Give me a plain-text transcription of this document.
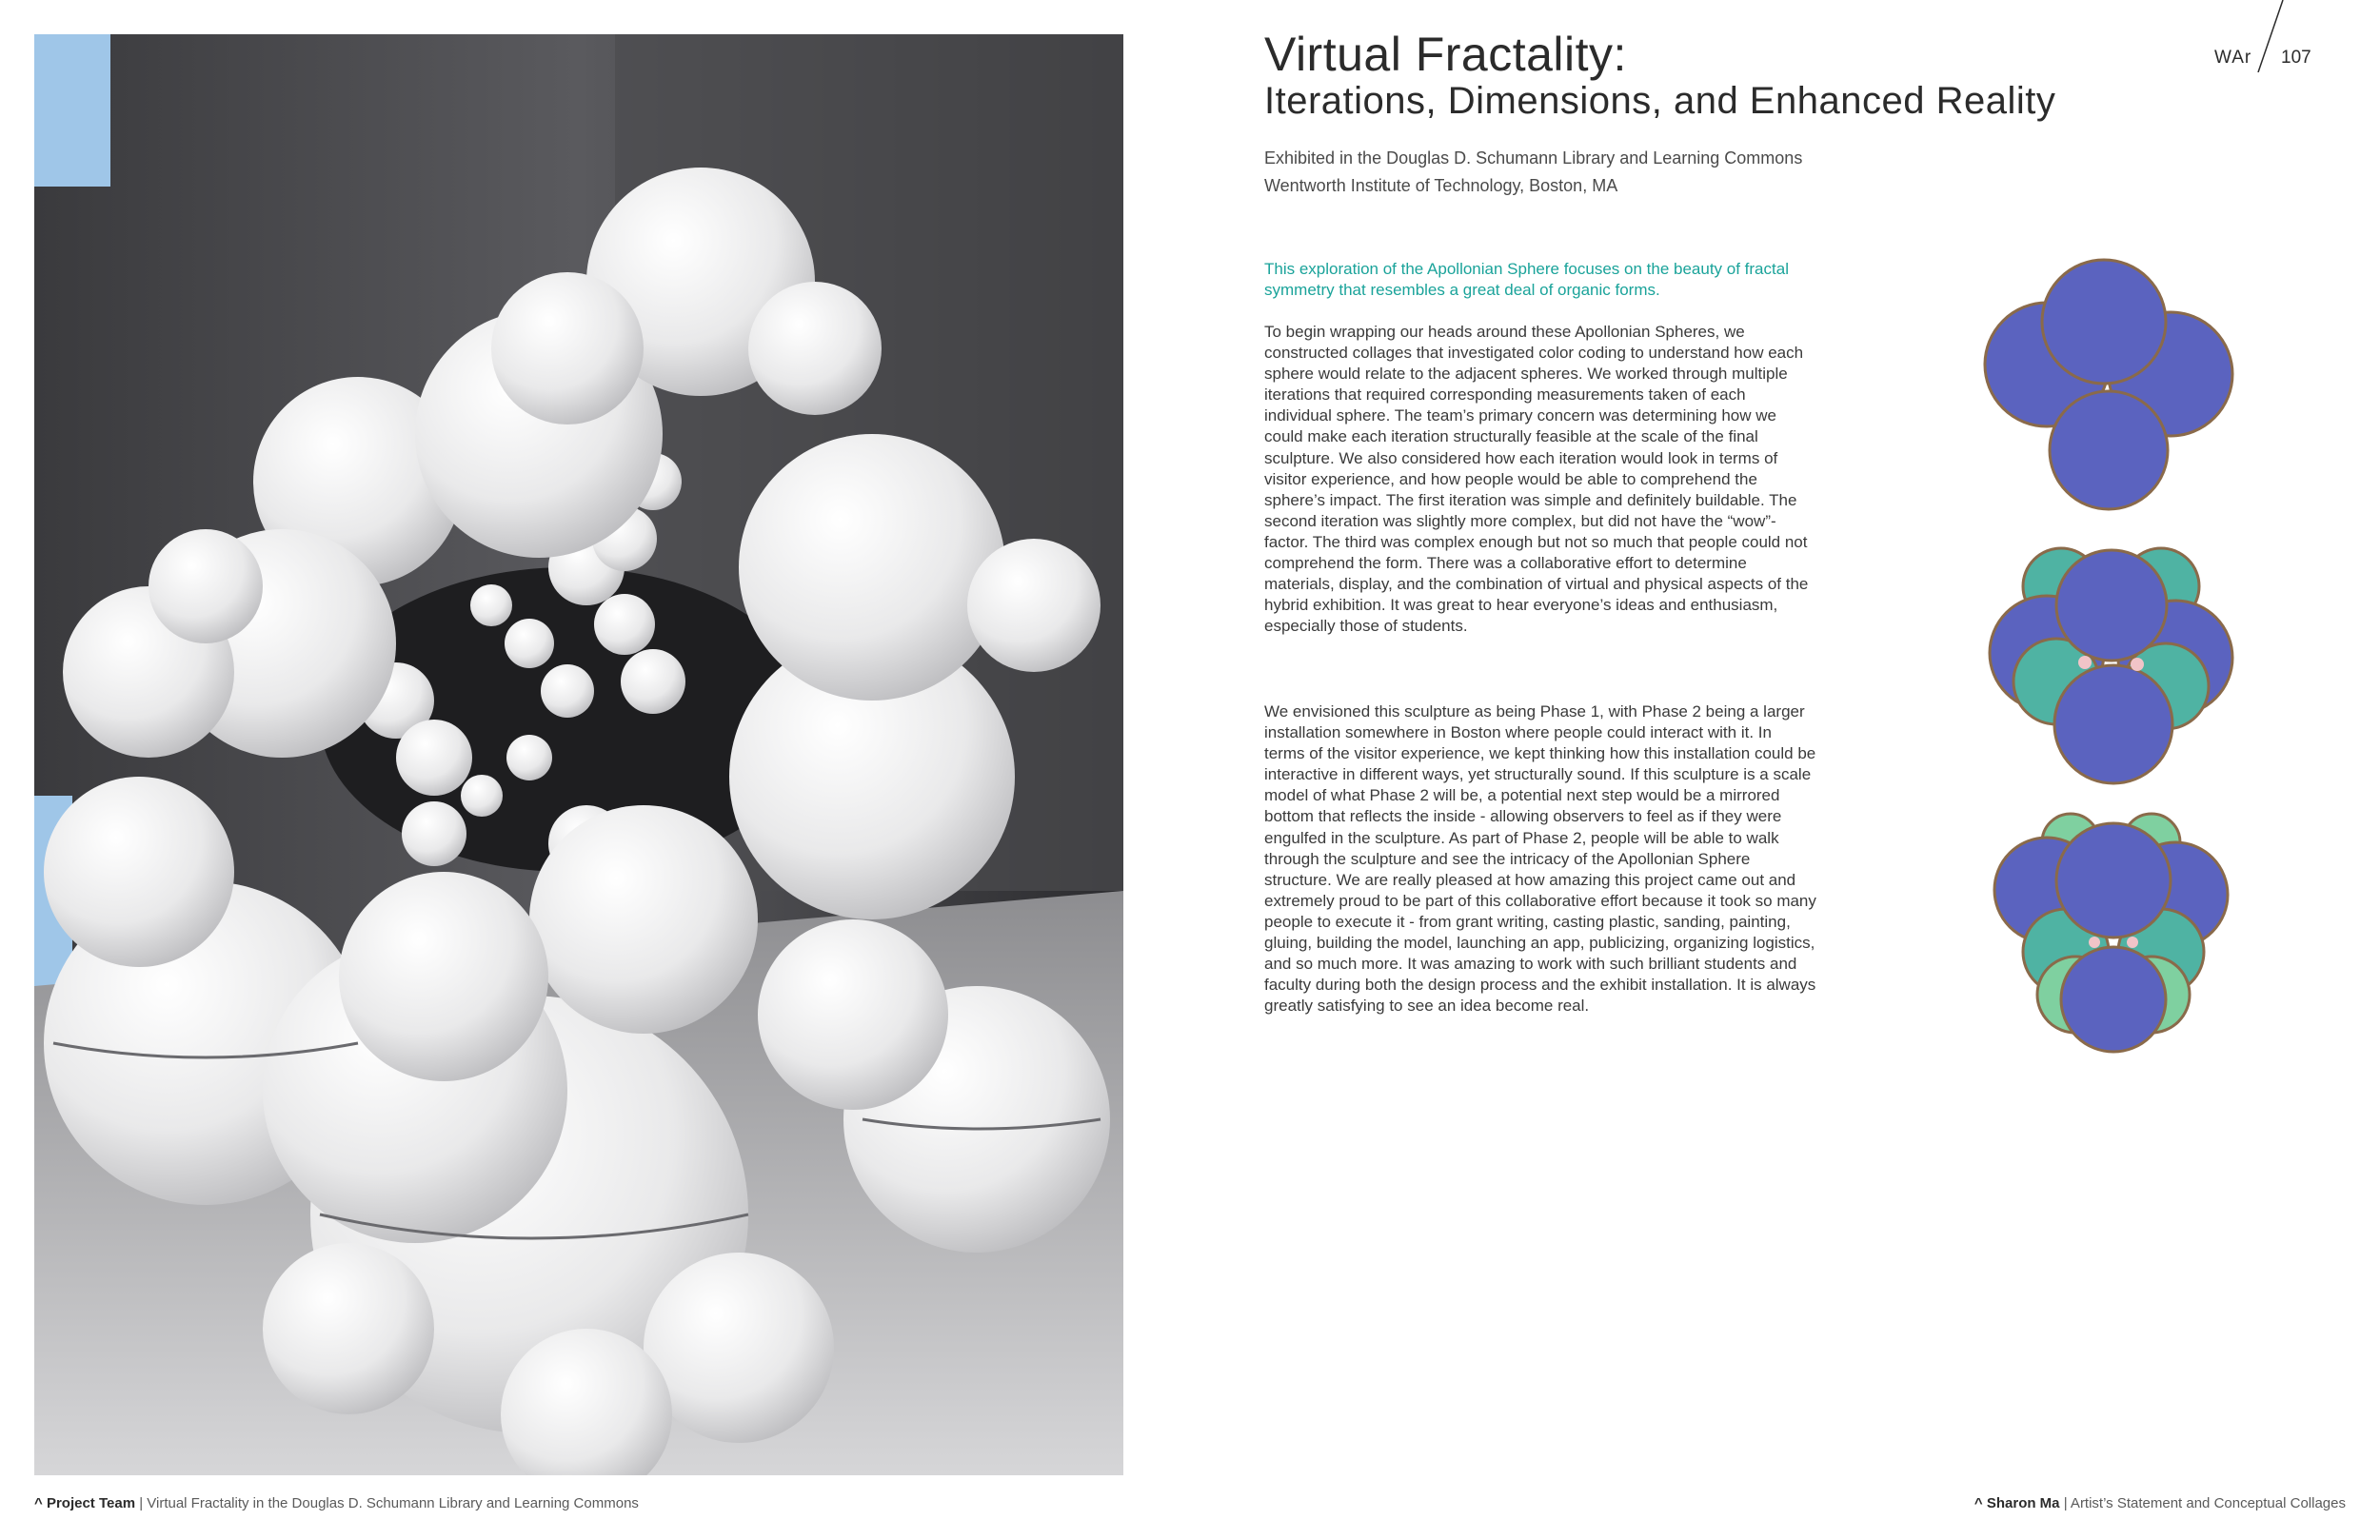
Virtual Fractality:
Iterations, Dimensions, and Enhanced Reality
Exhibited in the Douglas D. Schumann Library and Learning Commons
Wentworth Institute of Technology, Boston, MA
WAr 107
This exploration of the Apollonian Sphere focuses on the beauty of fractal symmetry that resembles a great deal of organic forms.
To begin wrapping our heads around these Apollonian Spheres, we constructed collages that investigated color coding to understand how each sphere would relate to the adjacent spheres. We worked through multiple iterations that required corresponding measurements taken of each individual sphere. The team’s primary concern was determining how we could make each iteration structurally feasible at the scale of the final sculpture. We also considered how each iteration would look in terms of visitor experience, and how people would be able to comprehend the sphere’s impact. The first iteration was simple and definitely buildable. The second iteration was slightly more complex, but did not have the “wow”- factor. The third was complex enough but not so much that people could not comprehend the form. There was a collaborative effort to determine materials, display, and the combination of virtual and physical aspects of the hybrid exhibition. It was great to hear everyone’s ideas and enthusiasm, especially those of students.
We envisioned this sculpture as being Phase 1, with Phase 2 being a larger installation somewhere in Boston where people could interact with it. In terms of the visitor experience, we kept thinking how this installation could be interactive in different ways, yet structurally sound. If this sculpture is a scale model of what Phase 2 will be, a potential next step would be a mirrored bottom that reflects the inside - allowing observers to feel as if they were engulfed in the sculpture. As part of Phase 2, people will be able to walk through the sculpture and see the intricacy of the Apollonian Sphere structure. We are really pleased at how amazing this project came out and extremely proud to be part of this collaborative effort because it took so many people to execute it - from grant writing, casting plastic, sanding, painting, gluing, building the model, launching an app, publicizing, organizing logistics, and so much more. It was amazing to work with such brilliant students and faculty during both the design process and the exhibit installation. It is always greatly satisfying to see an idea become real.
^ Project Team | Virtual Fractality in the Douglas D. Schumann Library and Learning Commons	^ Sharon Ma | Artist’s Statement and Conceptual Collages
